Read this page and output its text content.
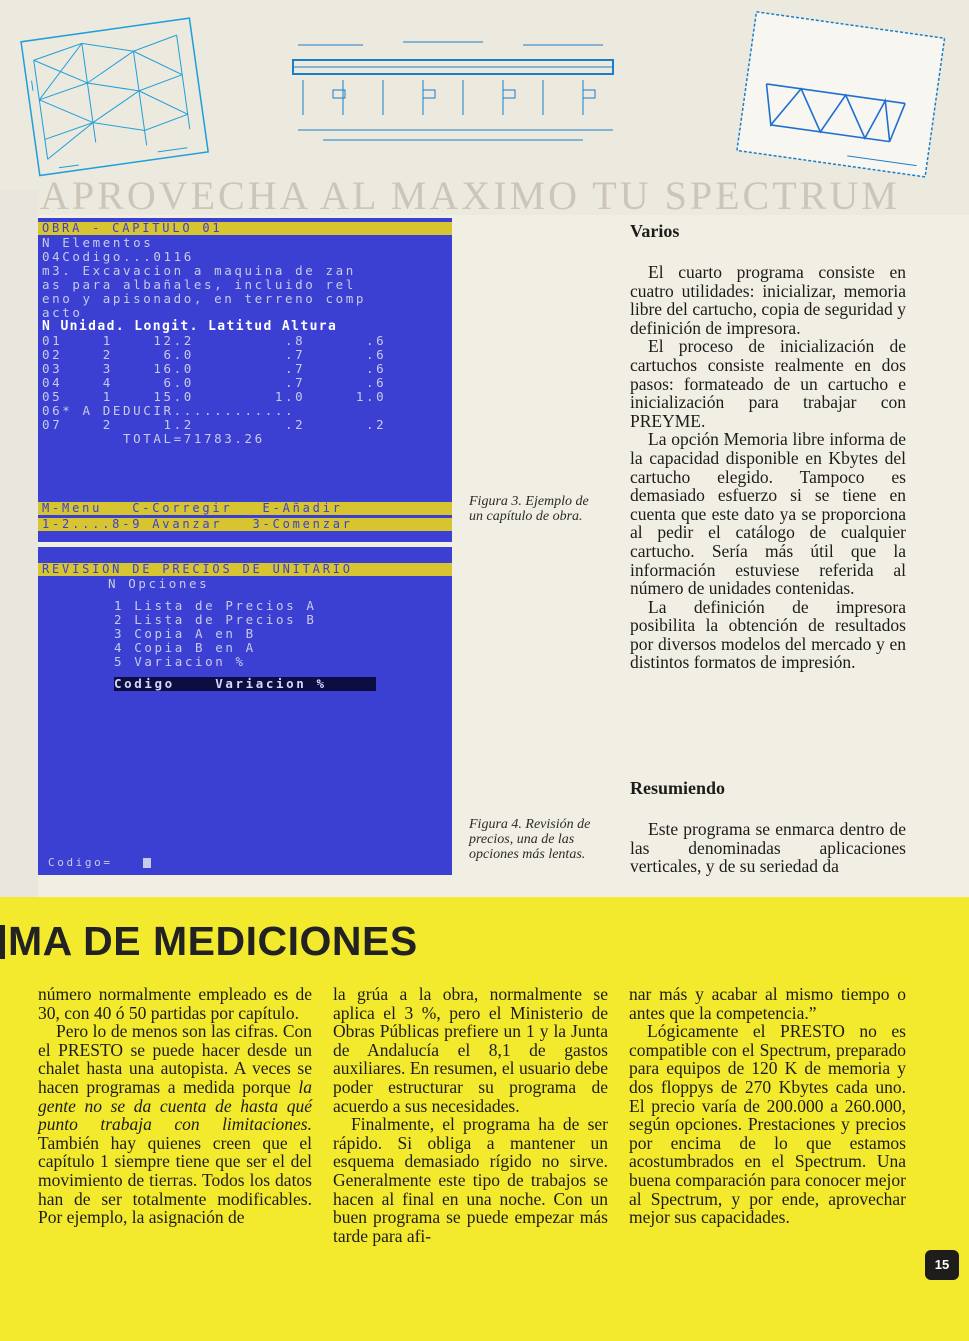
APROVECHA AL MAXIMO TU SPECTRUM
OBRA - CAPITULO 01
N Elementos
04Codigo...0116
m3. Excavacion a maquina de zan
as para albañales, incluido rel
eno y apisonado, en terreno comp
acto
N Unidad. Longit. Latitud Altura
01    1    12.2         .8      .6
02    2     6.0         .7      .6
03    3    16.0         .7      .6
04    4     6.0         .7      .6
05    1    15.0        1.0     1.0
06* A DEDUCIR............
07    2     1.2         .2      .2
TOTAL=71783.26
M-Menu   C-Corregir   E-Añadir
1-2....8-9 Avanzar   3-Comenzar
Figura 3. Ejemplo de un capítulo de obra.
REVISION DE PRECIOS DE UNITARIO
N Opciones
1 Lista de Precios A
2 Lista de Precios B
3 Copia A en B
4 Copia B en A
5 Variacion %
Codigo    Variacion %
Codigo=
Figura 4. Revisión de precios, una de las opciones más lentas.
Varios

El cuarto programa consiste en cuatro utilidades: inicializar, memoria libre del cartucho, copia de seguridad y definición de impresora.

El proceso de inicialización de cartuchos consiste realmente en dos pasos: formateado de un cartucho e inicialización para trabajar con PREYME.

La opción Memoria libre informa de la capacidad disponible en Kbytes del cartucho elegido. Tampoco es demasiado esfuerzo si se tiene en cuenta que este dato ya se proporciona al pedir el catálogo de cualquier cartucho. Sería más útil que la información estuviese referida al número de unidades contenidas.

La definición de impresora posibilita la obtención de resultados por diversos modelos del mercado y en distintos formatos de impresión.

Resumiendo

Este programa se enmarca dentro de las denominadas aplicaciones verticales, y de su seriedad da

MA DE MEDICIONES

número normalmente empleado es de 30, con 40 ó 50 partidas por capítulo.

Pero lo de menos son las cifras. Con el PRESTO se puede hacer desde un chalet hasta una autopista. A veces se hacen programas a medida porque la gente no se da cuenta de hasta qué punto trabaja con limitaciones. También hay quienes creen que el capítulo 1 siempre tiene que ser el del movimiento de tierras. Todos los datos han de ser totalmente modificables. Por ejemplo, la asignación de

la grúa a la obra, normalmente se aplica el 3 %, pero el Ministerio de Obras Públicas prefiere un 1 y la Junta de Andalucía el 8,1 de gastos auxiliares. En resumen, el usuario debe poder estructurar su programa de acuerdo a sus necesidades.

Finalmente, el programa ha de ser rápido. Si obliga a mantener un esquema demasiado rígido no sirve. Generalmente este tipo de trabajos se hacen al final en una noche. Con un buen programa se puede empezar más tarde para afi-

nar más y acabar al mismo tiempo o antes que la competencia.”

Lógicamente el PRESTO no es compatible con el Spectrum, preparado para equipos de 120 K de memoria y dos floppys de 270 Kbytes cada uno. El precio varía de 200.000 a 260.000, según opciones. Prestaciones y precios por encima de lo que estamos acostumbrados en el Spectrum. Una buena comparación para conocer mejor al Spectrum, y por ende, aprovechar mejor sus capacidades.

15
